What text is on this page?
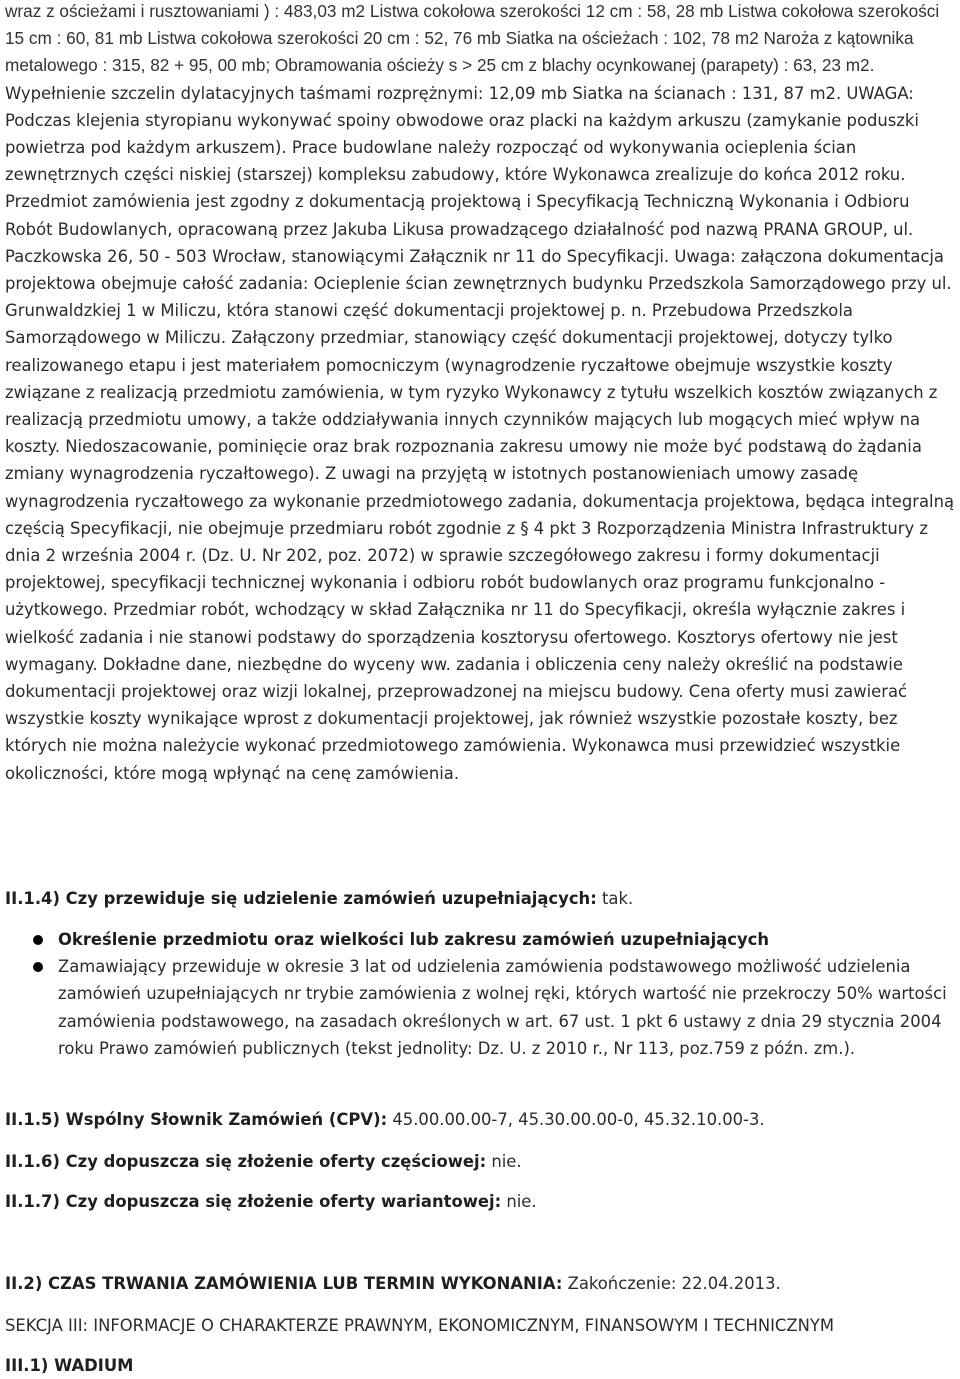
wraz z ościeżami i rusztowaniami ) : 483,03 m2 Listwa cokołowa szerokości 12 cm : 58, 28 mb Listwa cokołowa szerokości 15 cm : 60, 81 mb Listwa cokołowa szerokości 20 cm : 52, 76 mb Siatka na ościeżach : 102, 78 m2 Naroża z kątownika metalowego : 315, 82 + 95, 00 mb; Obramowania ościeży s > 25 cm z blachy ocynkowanej (parapety) : 63, 23 m2. Wypełnienie szczelin dylatacyjnych taśmami rozprężnymi: 12,09 mb Siatka na ścianach : 131, 87 m2. UWAGA: Podczas klejenia styropianu wykonywać spoiny obwodowe oraz placki na każdym arkuszu (zamykanie poduszki powietrza pod każdym arkuszem). Prace budowlane należy rozpocząć od wykonywania ocieplenia ścian zewnętrznych części niskiej (starszej) kompleksu zabudowy, które Wykonawca zrealizuje do końca 2012 roku. Przedmiot zamówienia jest zgodny z dokumentacją projektową i Specyfikacją Techniczną Wykonania i Odbioru Robót Budowlanych, opracowaną przez Jakuba Likusa prowadzącego działalność pod nazwą PRANA GROUP, ul. Paczkowska 26, 50 - 503 Wrocław, stanowiącymi Załącznik nr 11 do Specyfikacji. Uwaga: załączona dokumentacja projektowa obejmuje całość zadania: Ocieplenie ścian zewnętrznych budynku Przedszkola Samorządowego przy ul. Grunwaldzkiej 1 w Miliczu, która stanowi część dokumentacji projektowej p. n. Przebudowa Przedszkola Samorządowego w Miliczu. Załączony przedmiar, stanowiący część dokumentacji projektowej, dotyczy tylko realizowanego etapu i jest materiałem pomocniczym (wynagrodzenie ryczałtowe obejmuje wszystkie koszty związane z realizacją przedmiotu zamówienia, w tym ryzyko Wykonawcy z tytułu wszelkich kosztów związanych z realizacją przedmiotu umowy, a także oddziaływania innych czynników mających lub mogących mieć wpływ na koszty. Niedoszacowanie, pominięcie oraz brak rozpoznania zakresu umowy nie może być podstawą do żądania zmiany wynagrodzenia ryczałtowego). Z uwagi na przyjętą w istotnych postanowieniach umowy zasadę wynagrodzenia ryczałtowego za wykonanie przedmiotowego zadania, dokumentacja projektowa, będąca integralną częścią Specyfikacji, nie obejmuje przedmiaru robót zgodnie z § 4 pkt 3 Rozporządzenia Ministra Infrastruktury z dnia 2 września 2004 r. (Dz. U. Nr 202, poz. 2072) w sprawie szczegółowego zakresu i formy dokumentacji projektowej, specyfikacji technicznej wykonania i odbioru robót budowlanych oraz programu funkcjonalno - użytkowego. Przedmiar robót, wchodzący w skład Załącznika nr 11 do Specyfikacji, określa wyłącznie zakres i wielkość zadania i nie stanowi podstawy do sporządzenia kosztorysu ofertowego. Kosztorys ofertowy nie jest wymagany. Dokładne dane, niezbędne do wyceny ww. zadania i obliczenia ceny należy określić na podstawie dokumentacji projektowej oraz wizji lokalnej, przeprowadzonej na miejscu budowy. Cena oferty musi zawierać wszystkie koszty wynikające wprost z dokumentacji projektowej, jak również wszystkie pozostałe koszty, bez których nie można należycie wykonać przedmiotowego zamówienia. Wykonawca musi przewidzieć wszystkie okoliczności, które mogą wpłynąć na cenę zamówienia.

II.1.4) Czy przewiduje się udzielenie zamówień uzupełniających: tak.

Określenie przedmiotu oraz wielkości lub zakresu zamówień uzupełniających
Zamawiający przewiduje w okresie 3 lat od udzielenia zamówienia podstawowego możliwość udzielenia zamówień uzupełniających nr trybie zamówienia z wolnej ręki, których wartość nie przekroczy 50% wartości zamówienia podstawowego, na zasadach określonych w art. 67 ust. 1 pkt 6 ustawy z dnia 29 stycznia 2004 roku Prawo zamówień publicznych (tekst jednolity: Dz. U. z 2010 r., Nr 113, poz.759 z późn. zm.).

II.1.5) Wspólny Słownik Zamówień (CPV): 45.00.00.00-7, 45.30.00.00-0, 45.32.10.00-3.

II.1.6) Czy dopuszcza się złożenie oferty częściowej: nie.

II.1.7) Czy dopuszcza się złożenie oferty wariantowej: nie.

II.2) CZAS TRWANIA ZAMÓWIENIA LUB TERMIN WYKONANIA: Zakończenie: 22.04.2013.

SEKCJA III: INFORMACJE O CHARAKTERZE PRAWNYM, EKONOMICZNYM, FINANSOWYM I TECHNICZNYM

III.1) WADIUM
